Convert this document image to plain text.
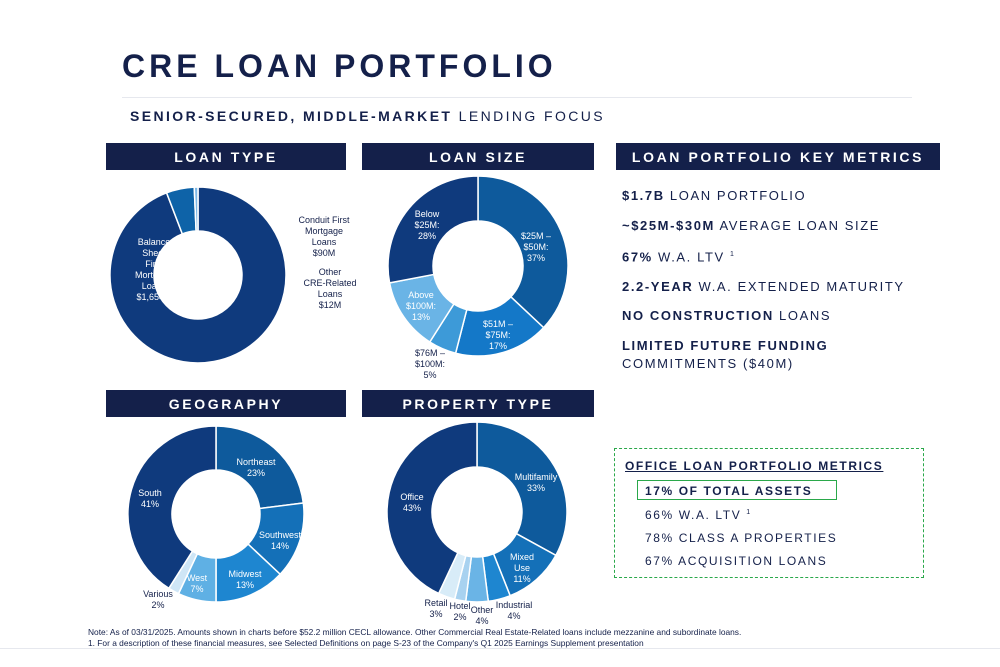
CRE LOAN PORTFOLIO
SENIOR-SECURED, MIDDLE-MARKET LENDING FOCUS
LOAN TYPE	LOAN SIZE
GEOGRAPHY	PROPERTY TYPE
Balance Sheet First Mortgage Loans $1,654M
Conduit First Mortgage Loans $90M
Other CRE-Related Loans $12M
$25M – $50M: 37%
$51M – $75M: 17%
$76M – $100M: 5%
Above $100M: 13%
Below $25M: 28%
Northeast 23%
Southwest 14%
Midwest 13%
West 7%
Various 2%
South 41%
Multifamily 33%
Mixed Use 11%
Industrial 4%
Other 4%
Hotel 2%
Retail 3%
Office 43%
LOAN PORTFOLIO KEY METRICS
$1.7B LOAN PORTFOLIO
~$25M-$30M AVERAGE LOAN SIZE
67% W.A. LTV $^1$
2.2-YEAR W.A. EXTENDED MATURITY
NO CONSTRUCTION LOANS
LIMITED FUTURE FUNDING
COMMITMENTS ($40M)
OFFICE LOAN PORTFOLIO METRICS
17% OF TOTAL ASSETS
66% W.A. LTV $^1$
78% CLASS A PROPERTIES
67% ACQUISITION LOANS
Note: As of 03/31/2025. Amounts shown in charts before $52.2 million CECL allowance. Other Commercial Real Estate-Related loans include mezzanine and subordinate loans.
1. For a description of these financial measures, see Selected Definitions on page S-23 of the Company's Q1 2025 Earnings Supplement presentation
